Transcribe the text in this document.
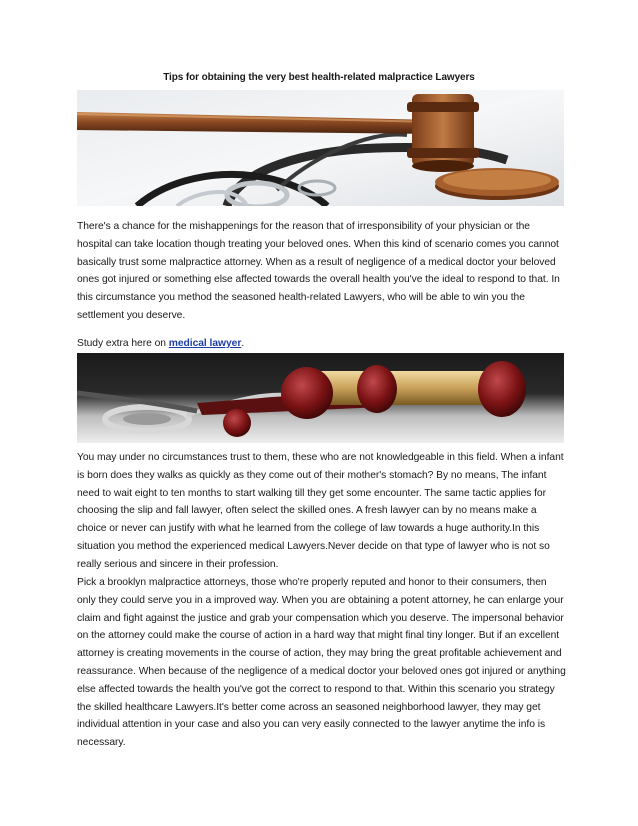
Tips for obtaining the very best health-related malpractice Lawyers

There's a chance for the mishappenings for the reason that of irresponsibility of your physician or the hospital can take location though treating your beloved ones. When this kind of scenario comes you cannot basically trust some malpractice attorney. When as a result of negligence of a medical doctor your beloved ones got injured or something else affected towards the overall health you've the ideal to respond to that. In this circumstance you method the seasoned health-related Lawyers, who will be able to win you the settlement you deserve.

Study extra here on medical lawyer.

You may under no circumstances trust to them, these who are not knowledgeable in this field. When a infant is born does they walks as quickly as they come out of their mother's stomach? By no means, The infant need to wait eight to ten months to start walking till they get some encounter. The same tactic applies for choosing the slip and fall lawyer, often select the skilled ones. A fresh lawyer can by no means make a choice or never can justify with what he learned from the college of law towards a huge authority.In this situation you method the experienced medical Lawyers.Never decide on that type of lawyer who is not so really serious and sincere in their profession.

Pick a brooklyn malpractice attorneys, those who're properly reputed and honor to their consumers, then only they could serve you in a improved way. When you are obtaining a potent attorney, he can enlarge your claim and fight against the justice and grab your compensation which you deserve. The impersonal behavior on the attorney could make the course of action in a hard way that might final tiny longer. But if an excellent attorney is creating movements in the course of action, they may bring the great profitable achievement and reassurance. When because of the negligence of a medical doctor your beloved ones got injured or anything else affected towards the health you've got the correct to respond to that. Within this scenario you strategy the skilled healthcare Lawyers.It's better come across an seasoned neighborhood lawyer, they may get individual attention in your case and also you can very easily connected to the lawyer anytime the info is necessary.
